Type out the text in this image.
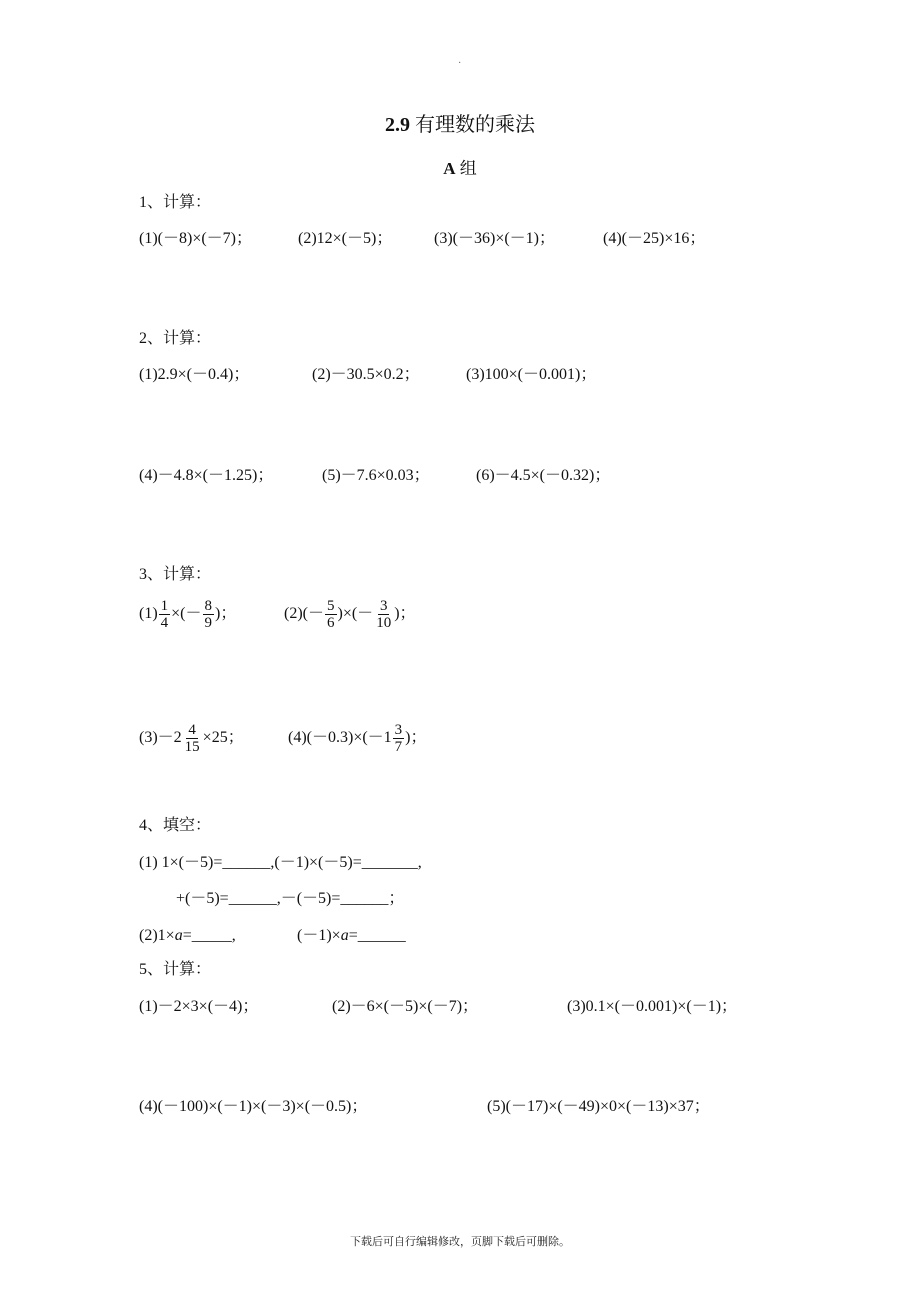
·
2.9 有理数的乘法
A 组
1、计算：
(1)(－8)×(－7)；	(2)12×(－5)；	(3)(－36)×(－1)；	(4)(－25)×16；
2、计算：
(1)2.9×(－0.4)；	(2)－30.5×0.2；	(3)100×(－0.001)；
(4)－4.8×(－1.25)；	(5)－7.6×0.03；	(6)－4.5×(－0.32)；
3、计算：
$(1) \frac{1}{4}$ ×(－ $\frac{8}{9}$ )；	$(2)(- \frac{5}{6}$ )×(－ $\frac{3}{10}$ )；
$(3)-2 \frac{4}{15} \times 25$；	$(4)(-0.3)\times(-1 \frac{3}{7}$ )；
4、填空：
(1) 1×(－5)=______,(－1)×(－5)=_______,
+(－5)=______,－(－5)=______；
(2)1×a=_____,	(－1)×a=______
5、计算：
(1)－2×3×(－4)；	(2)－6×(－5)×(－7)；	(3)0.1×(－0.001)×(－1)；
(4)(－100)×(－1)×(－3)×(－0.5)；	(5)(－17)×(－49)×0×(－13)×37；
下载后可自行编辑修改，页脚下载后可删除。
